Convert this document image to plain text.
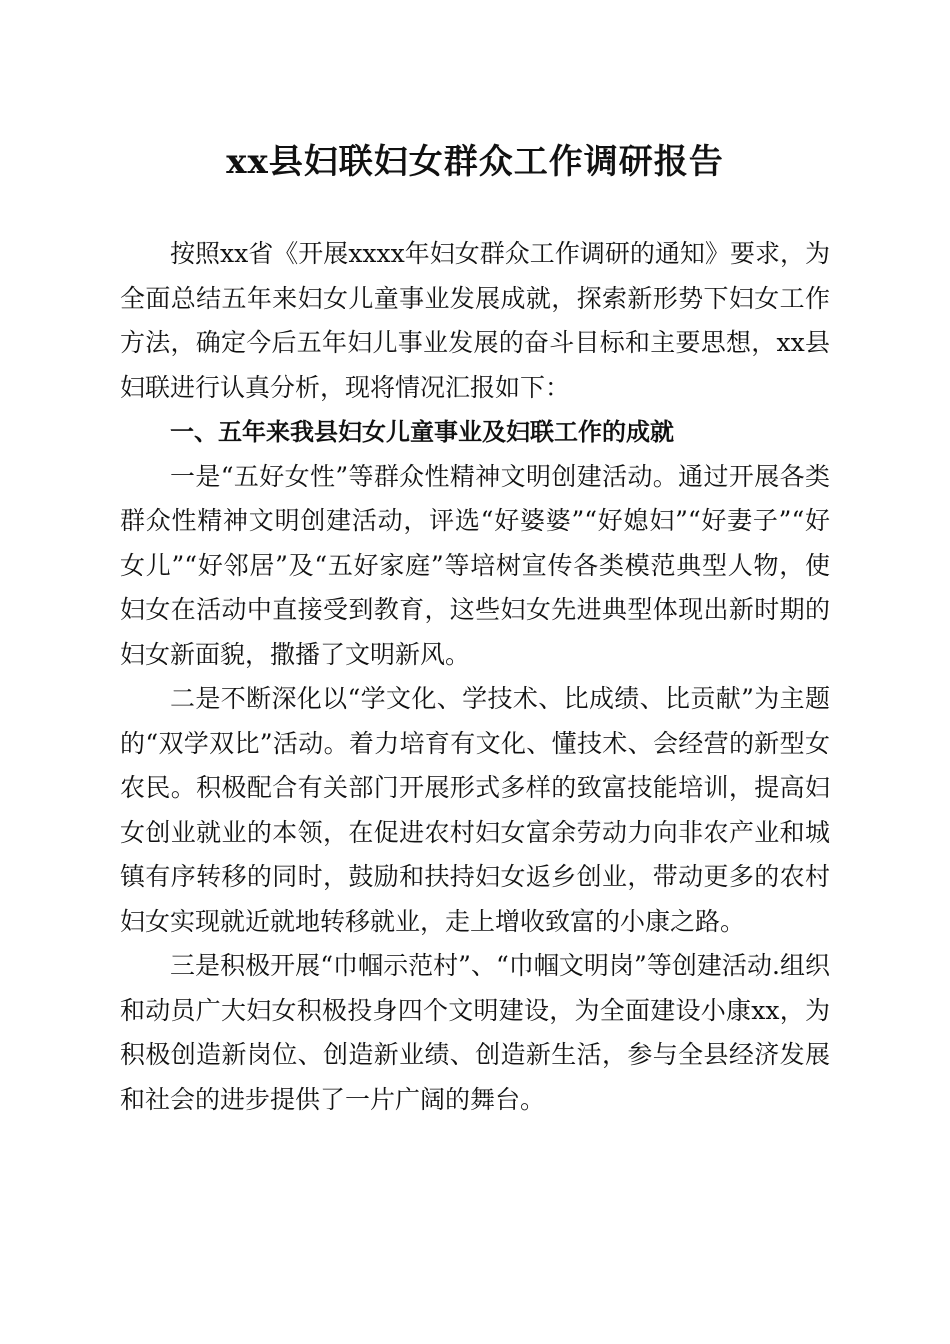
xx县妇联妇女群众工作调研报告

按照xx省《开展xxxx年妇女群众工作调研的通知》要求，为全面总结五年来妇女儿童事业发展成就，探索新形势下妇女工作方法，确定今后五年妇儿事业发展的奋斗目标和主要思想，xx县妇联进行认真分析，现将情况汇报如下：

一、五年来我县妇女儿童事业及妇联工作的成就

一是“五好女性”等群众性精神文明创建活动。通过开展各类群众性精神文明创建活动，评选“好婆婆”“好媳妇”“好妻子”“好女儿”“好邻居”及“五好家庭”等培树宣传各类模范典型人物，使妇女在活动中直接受到教育，这些妇女先进典型体现出新时期的妇女新面貌，撒播了文明新风。

二是不断深化以“学文化、学技术、比成绩、比贡献”为主题的“双学双比”活动。着力培育有文化、懂技术、会经营的新型女农民。积极配合有关部门开展形式多样的致富技能培训，提高妇女创业就业的本领，在促进农村妇女富余劳动力向非农产业和城镇有序转移的同时，鼓励和扶持妇女返乡创业，带动更多的农村妇女实现就近就地转移就业，走上增收致富的小康之路。

三是积极开展“巾帼示范村”、“巾帼文明岗”等创建活动.组织和动员广大妇女积极投身四个文明建设，为全面建设小康xx，为积极创造新岗位、创造新业绩、创造新生活，参与全县经济发展和社会的进步提供了一片广阔的舞台。
